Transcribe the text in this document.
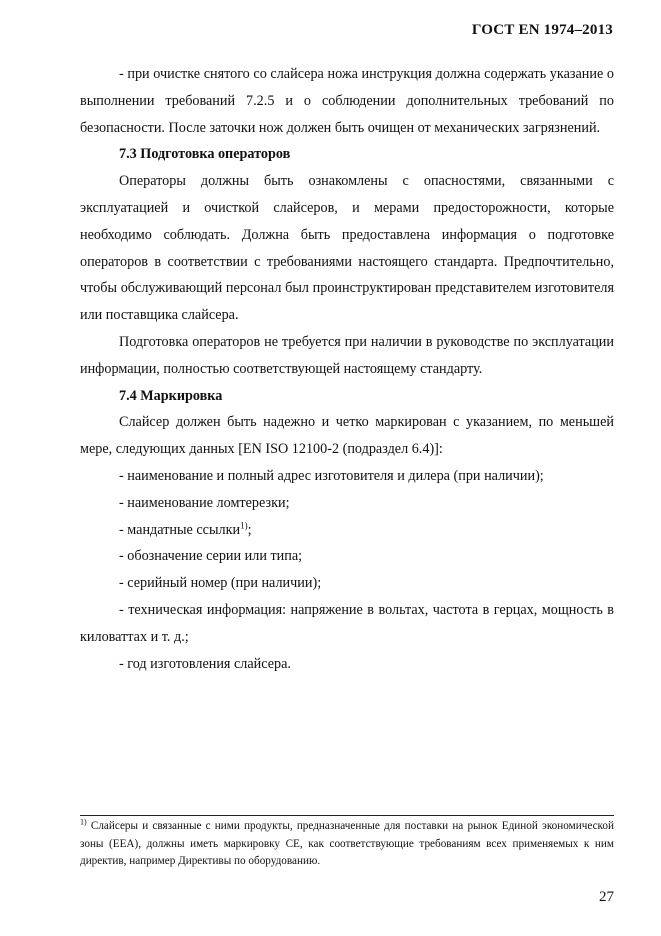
ГОСТ EN 1974–2013

- при очистке снятого со слайсера ножа инструкция должна содержать указание о выполнении требований 7.2.5 и о соблюдении дополнительных требований по безопасности. После заточки нож должен быть очищен от механических загрязнений.

7.3 Подготовка операторов

Операторы должны быть ознакомлены с опасностями, связанными с эксплуатацией и очисткой слайсеров, и мерами предосторожности, которые необходимо соблюдать. Должна быть предоставлена информация о подготовке операторов в соответствии с требованиями настоящего стандарта. Предпочтительно, чтобы обслуживающий персонал был проинструктирован представителем изготовителя или поставщика слайсера.

Подготовка операторов не требуется при наличии в руководстве по эксплуатации информации, полностью соответствующей настоящему стандарту.

7.4 Маркировка

Слайсер должен быть надежно и четко маркирован с указанием, по меньшей мере, следующих данных [EN ISO 12100-2 (подраздел 6.4)]:

- наименование и полный адрес изготовителя и дилера (при наличии);

- наименование ломтерезки;

- мандатные ссылки$^{1)}$;

- обозначение серии или типа;

- серийный номер (при наличии);

- техническая информация: напряжение в вольтах, частота в герцах, мощность в киловаттах и т. д.;

- год изготовления слайсера.

$^{1)}$ Слайсеры и связанные с ними продукты, предназначенные для поставки на рынок Единой экономической зоны (EEA), должны иметь маркировку CE, как соответствующие требованиям всех применяемых к ним директив, например Директивы по оборудованию.
27
